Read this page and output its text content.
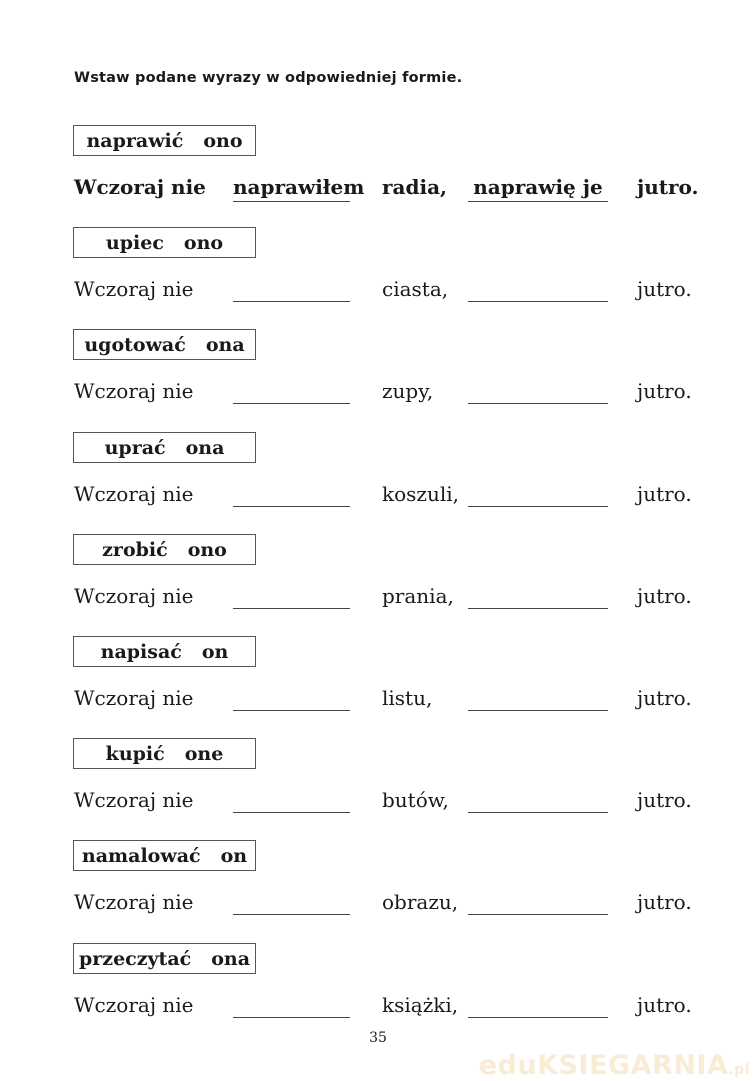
Wstaw podane wyrazy w odpowiedniej formie.
naprawić ono
Wczoraj nie naprawiłem radia, naprawię je jutro.
upiec ono
Wczoraj nie	ciasta,	jutro.
ugotować ona
Wczoraj nie	zupy,	jutro.
uprać ona
Wczoraj nie	koszuli,	jutro.
zrobić ono
Wczoraj nie	prania,	jutro.
napisać on
Wczoraj nie	listu,	jutro.
kupić one
Wczoraj nie	butów,	jutro.
namalować on
Wczoraj nie	obrazu,	jutro.
przeczytać ona
Wczoraj nie	książki,	jutro.
35
eduKSIEGARNIA.pl
